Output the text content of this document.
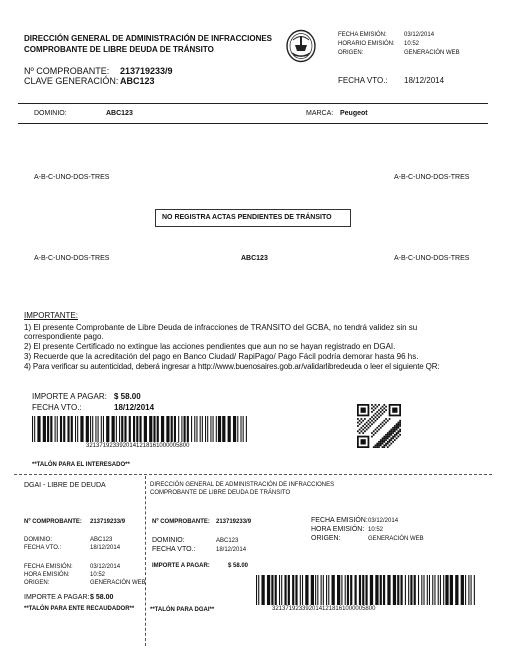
DIRECCIÓN GENERAL DE ADMINISTRACIÓN DE INFRACCIONES
COMPROBANTE DE LIBRE DEUDA DE TRÁNSITO
FECHA EMISIÓN:	03/12/2014
HORARIO EMISIÓN: 10:52
ORIGEN:	GENERACIÓN WEB
Nº COMPROBANTE: 213719233/9
CLAVE GENERACIÓN: ABC123	FECHA VTO.: 18/12/2014
DOMINIO:	ABC123	MARCA: Peugeot
A-B-C-UNO-DOS-TRES	A-B-C-UNO-DOS-TRES
NO REGISTRA ACTAS PENDIENTES DE TRÁNSITO
A-B-C-UNO-DOS-TRES	ABC123	A-B-C-UNO-DOS-TRES
IMPORTANTE:
1) El presente Comprobante de Libre Deuda de infracciones de TRANSITO del GCBA, no tendrá validez sin su
correspondiente pago.
2) El presente Certificado no extingue las acciones pendientes que aun no se hayan registrado en DGAI.
3) Recuerde que la acreditación del pago en Banco Ciudad/ RapiPago/ Pago Fácil podría demorar hasta 96 hs.
4) Para verificar su autenticidad, deberá ingresar a http://www.buenosaires.gob.ar/validarlibredeuda o leer el siguiente QR:
IMPORTE A PAGAR: $ 58.00
FECHA VTO.:	18/12/2014
3213719233920141218161000005800
**TALÓN PARA EL INTERESADO**
DGAI - LIBRE DE DEUDA
Nº COMPROBANTE: 213719233/9
DOMINIO:	ABC123
FECHA VTO.:	18/12/2014
FECHA EMISIÓN:	03/12/2014
HORA EMISIÓN:	10:52
ORIGEN:	GENERACIÓN WEB
IMPORTE A PAGAR: $ 58.00
**TALÓN PARA ENTE RECAUDADOR**
DIRECCIÓN GENERAL DE ADMINISTRACIÓN DE INFRACCIONES
COMPROBANTE DE LIBRE DEUDA DE TRÁNSITO
Nº COMPROBANTE: 213719233/9	FECHA EMISIÓN: 03/12/2014
HORA EMISIÓN: 10:52
ORIGEN:	GENERACIÓN WEB
DOMINIO:	ABC123
FECHA VTO.:	18/12/2014
IMPORTE A PAGAR:	$ 58.00
**TALÓN PARA DGAI**	3213719233920141218161000005800
